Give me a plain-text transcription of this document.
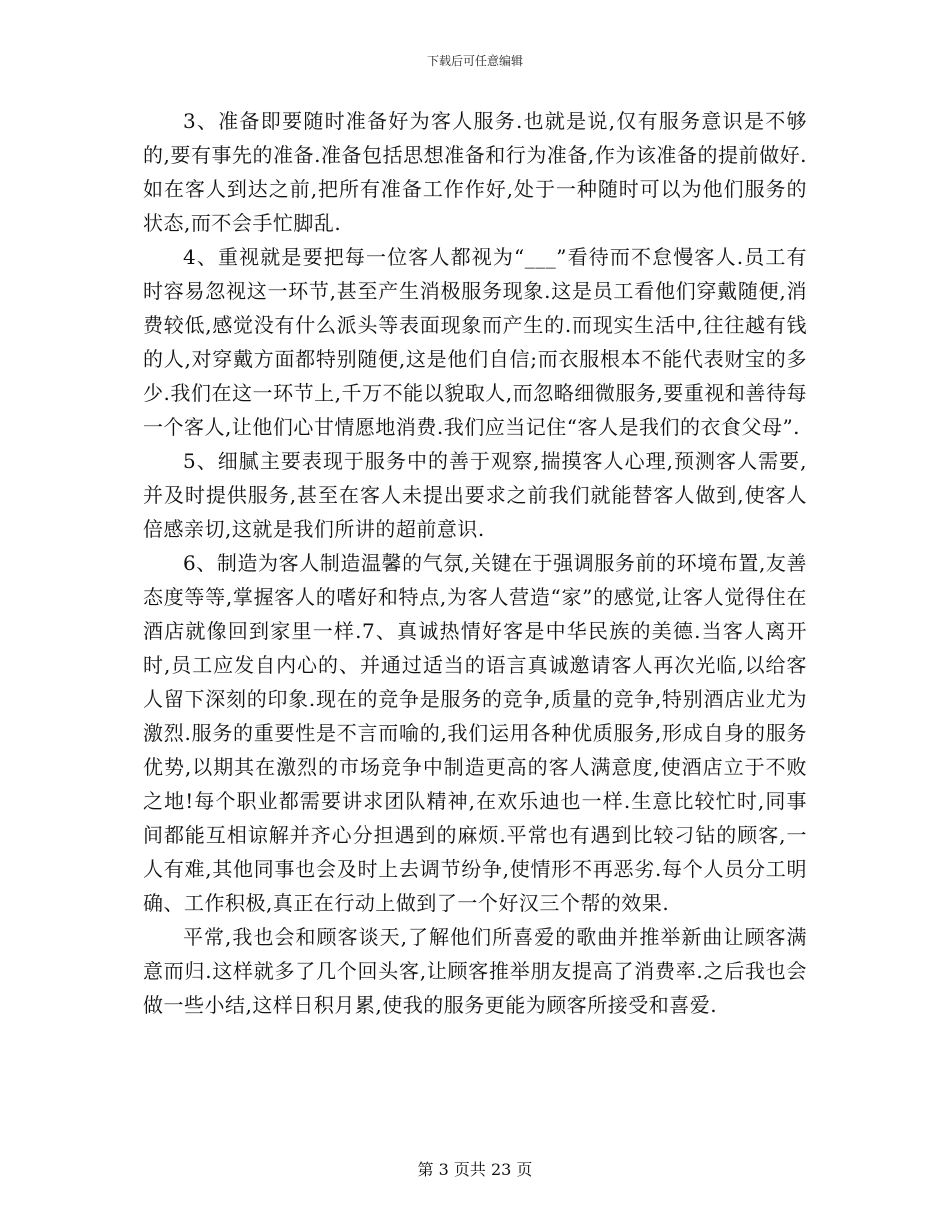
下载后可任意编辑

3、准备即要随时准备好为客人服务.也就是说,仅有服务意识是不够的,要有事先的准备.准备包括思想准备和行为准备,作为该准备的提前做好.如在客人到达之前,把所有准备工作作好,处于一种随时可以为他们服务的状态,而不会手忙脚乱.

4、重视就是要把每一位客人都视为“___”看待而不怠慢客人.员工有时容易忽视这一环节,甚至产生消极服务现象.这是员工看他们穿戴随便,消费较低,感觉没有什么派头等表面现象而产生的.而现实生活中,往往越有钱的人,对穿戴方面都特别随便,这是他们自信;而衣服根本不能代表财宝的多少.我们在这一环节上,千万不能以貌取人,而忽略细微服务,要重视和善待每一个客人,让他们心甘情愿地消费.我们应当记住“客人是我们的衣食父母”.

5、细腻主要表现于服务中的善于观察,揣摸客人心理,预测客人需要,并及时提供服务,甚至在客人未提出要求之前我们就能替客人做到,使客人倍感亲切,这就是我们所讲的超前意识.

6、制造为客人制造温馨的气氛,关键在于强调服务前的环境布置,友善态度等等,掌握客人的嗜好和特点,为客人营造“家”的感觉,让客人觉得住在酒店就像回到家里一样.7、真诚热情好客是中华民族的美德.当客人离开时,员工应发自内心的、并通过适当的语言真诚邀请客人再次光临,以给客人留下深刻的印象.现在的竞争是服务的竞争,质量的竞争,特别酒店业尤为激烈.服务的重要性是不言而喻的,我们运用各种优质服务,形成自身的服务优势,以期其在激烈的市场竞争中制造更高的客人满意度,使酒店立于不败之地!每个职业都需要讲求团队精神,在欢乐迪也一样.生意比较忙时,同事间都能互相谅解并齐心分担遇到的麻烦.平常也有遇到比较刁钻的顾客,一人有难,其他同事也会及时上去调节纷争,使情形不再恶劣.每个人员分工明确、工作积极,真正在行动上做到了一个好汉三个帮的效果.

平常,我也会和顾客谈天,了解他们所喜爱的歌曲并推举新曲让顾客满意而归.这样就多了几个回头客,让顾客推举朋友提高了消费率.之后我也会做一些小结,这样日积月累,使我的服务更能为顾客所接受和喜爱.

第 3 页共 23 页
